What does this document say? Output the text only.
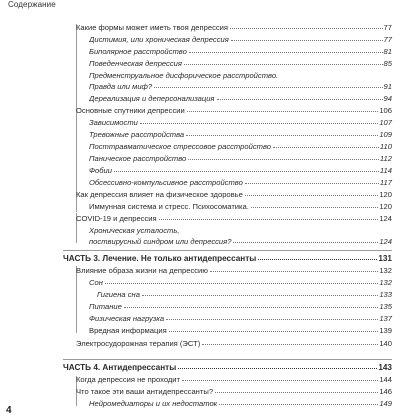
Содержание
Какие формы может иметь твоя депрессия	77
Дистимия, или хроническая депрессия	77
Биполярное расстройство	81
Поведенческая депрессия	85
Предменструальное дисфорическое расстройство.
Правда или миф?	91
Дереализация и деперсонализация	94
Основные спутники депрессии	106
Зависимости	107
Тревожные расстройства	109
Посттравматическое стрессовое расстройство	110
Паническое расстройство	112
Фобии	114
Обсессивно-компульсивное расстройство	117
Как депрессия влияет на физическое здоровье	120
Иммунная система и стресс. Психосоматика.	120
COVID-19 и депрессия	124
Хроническая усталость,
поствирусный синдром или депрессия?	124
ЧАСТЬ 3. Лечение. Не только антидепрессанты	131
Влияние образа жизни на депрессию	132
Сон	132
Гигиена сна	133
Питание	135
Физическая нагрузка	137
Вредная информация	139
Электросудорожная терапия (ЭСТ)	140
ЧАСТЬ 4. Антидепрессанты	143
Когда депрессия не проходит	144
Что такое эти ваши антидепрессанты?	146
Нейромедиаторы и их недостаток	149
4
